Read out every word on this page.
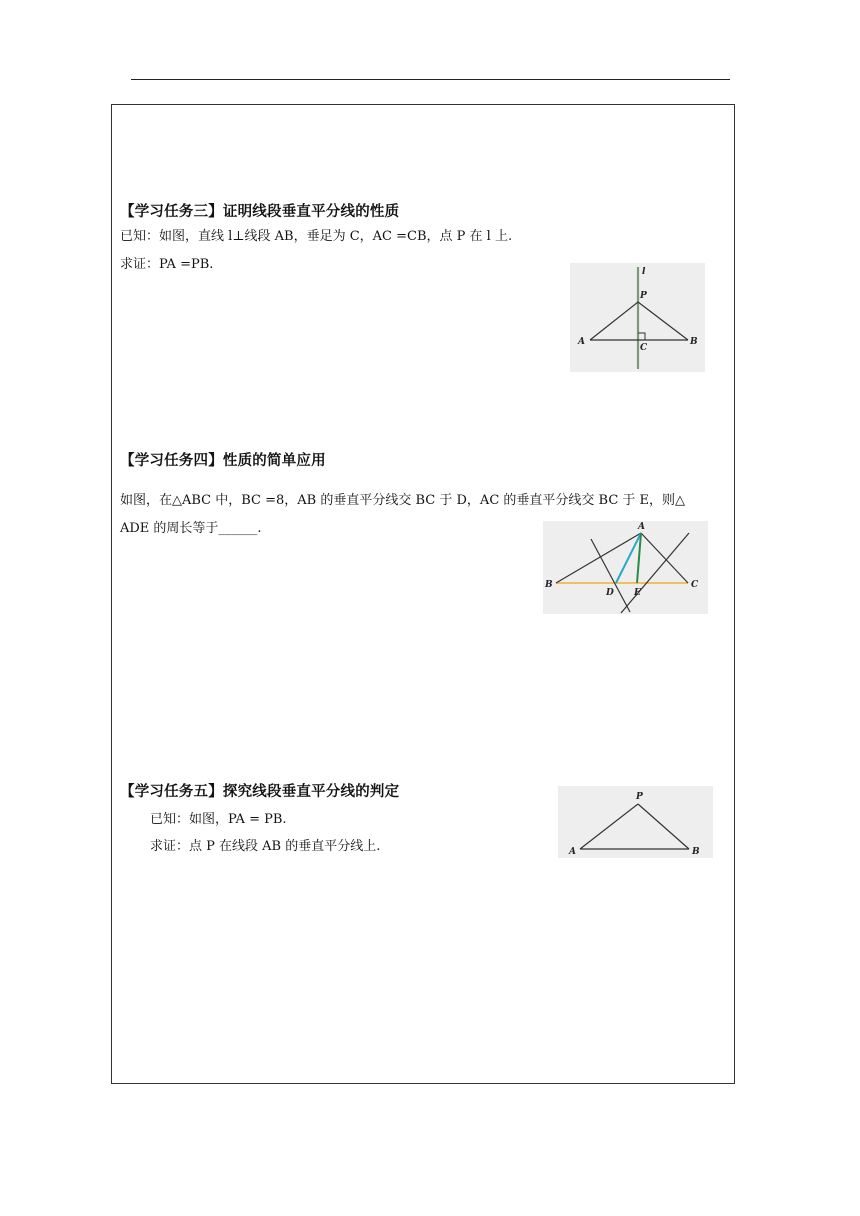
【学习任务三】证明线段垂直平分线的性质
已知：如图，直线 l⊥线段 AB，垂足为 C，AC =CB，点 P 在 l 上.
求证：PA =PB.	l
P
A	B
C
【学习任务四】性质的简单应用
如图，在△ABC 中，BC =8，AB 的垂直平分线交 BC 于 D，AC 的垂直平分线交 BC 于 E，则△
ADE 的周长等于______.	A
B	C
D E
【学习任务五】探究线段垂直平分线的判定
已知：如图，PA = PB.
求证：点 P 在线段 AB 的垂直平分线上.
P
A	B
